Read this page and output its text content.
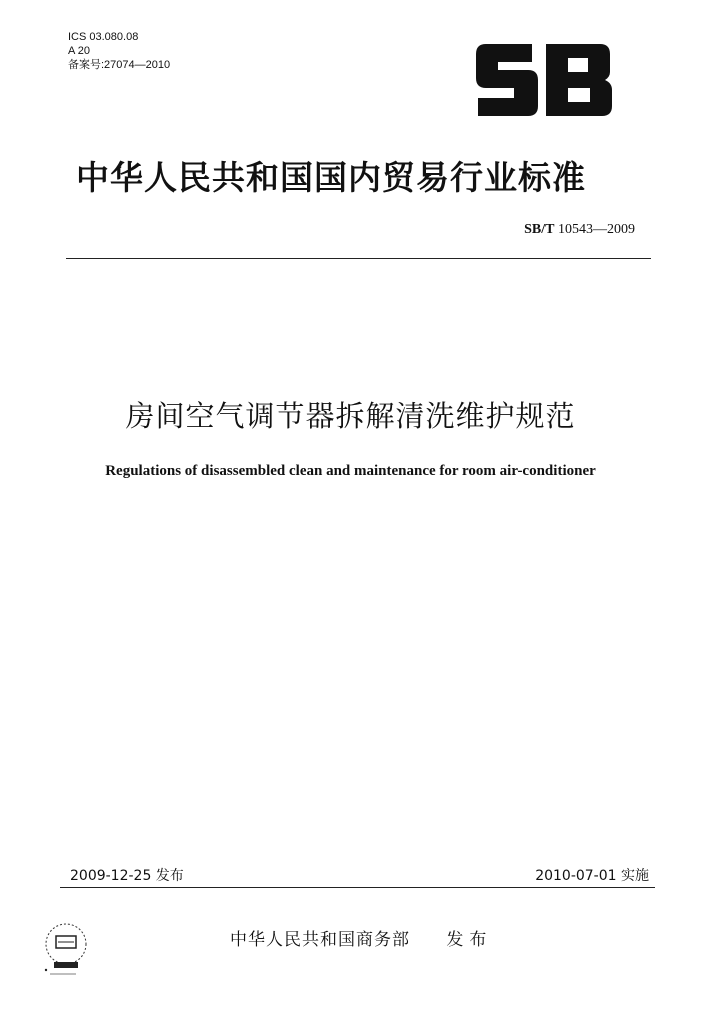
ICS 03.080.08
A 20
备案号:27074—2010
中华人民共和国国内贸易行业标准
SB/T 10543—2009
房间空气调节器拆解清洗维护规范
Regulations of disassembled clean and maintenance for room air-conditioner
2009-12-25 发布	2010-07-01 实施
中华人民共和国商务部 发布
